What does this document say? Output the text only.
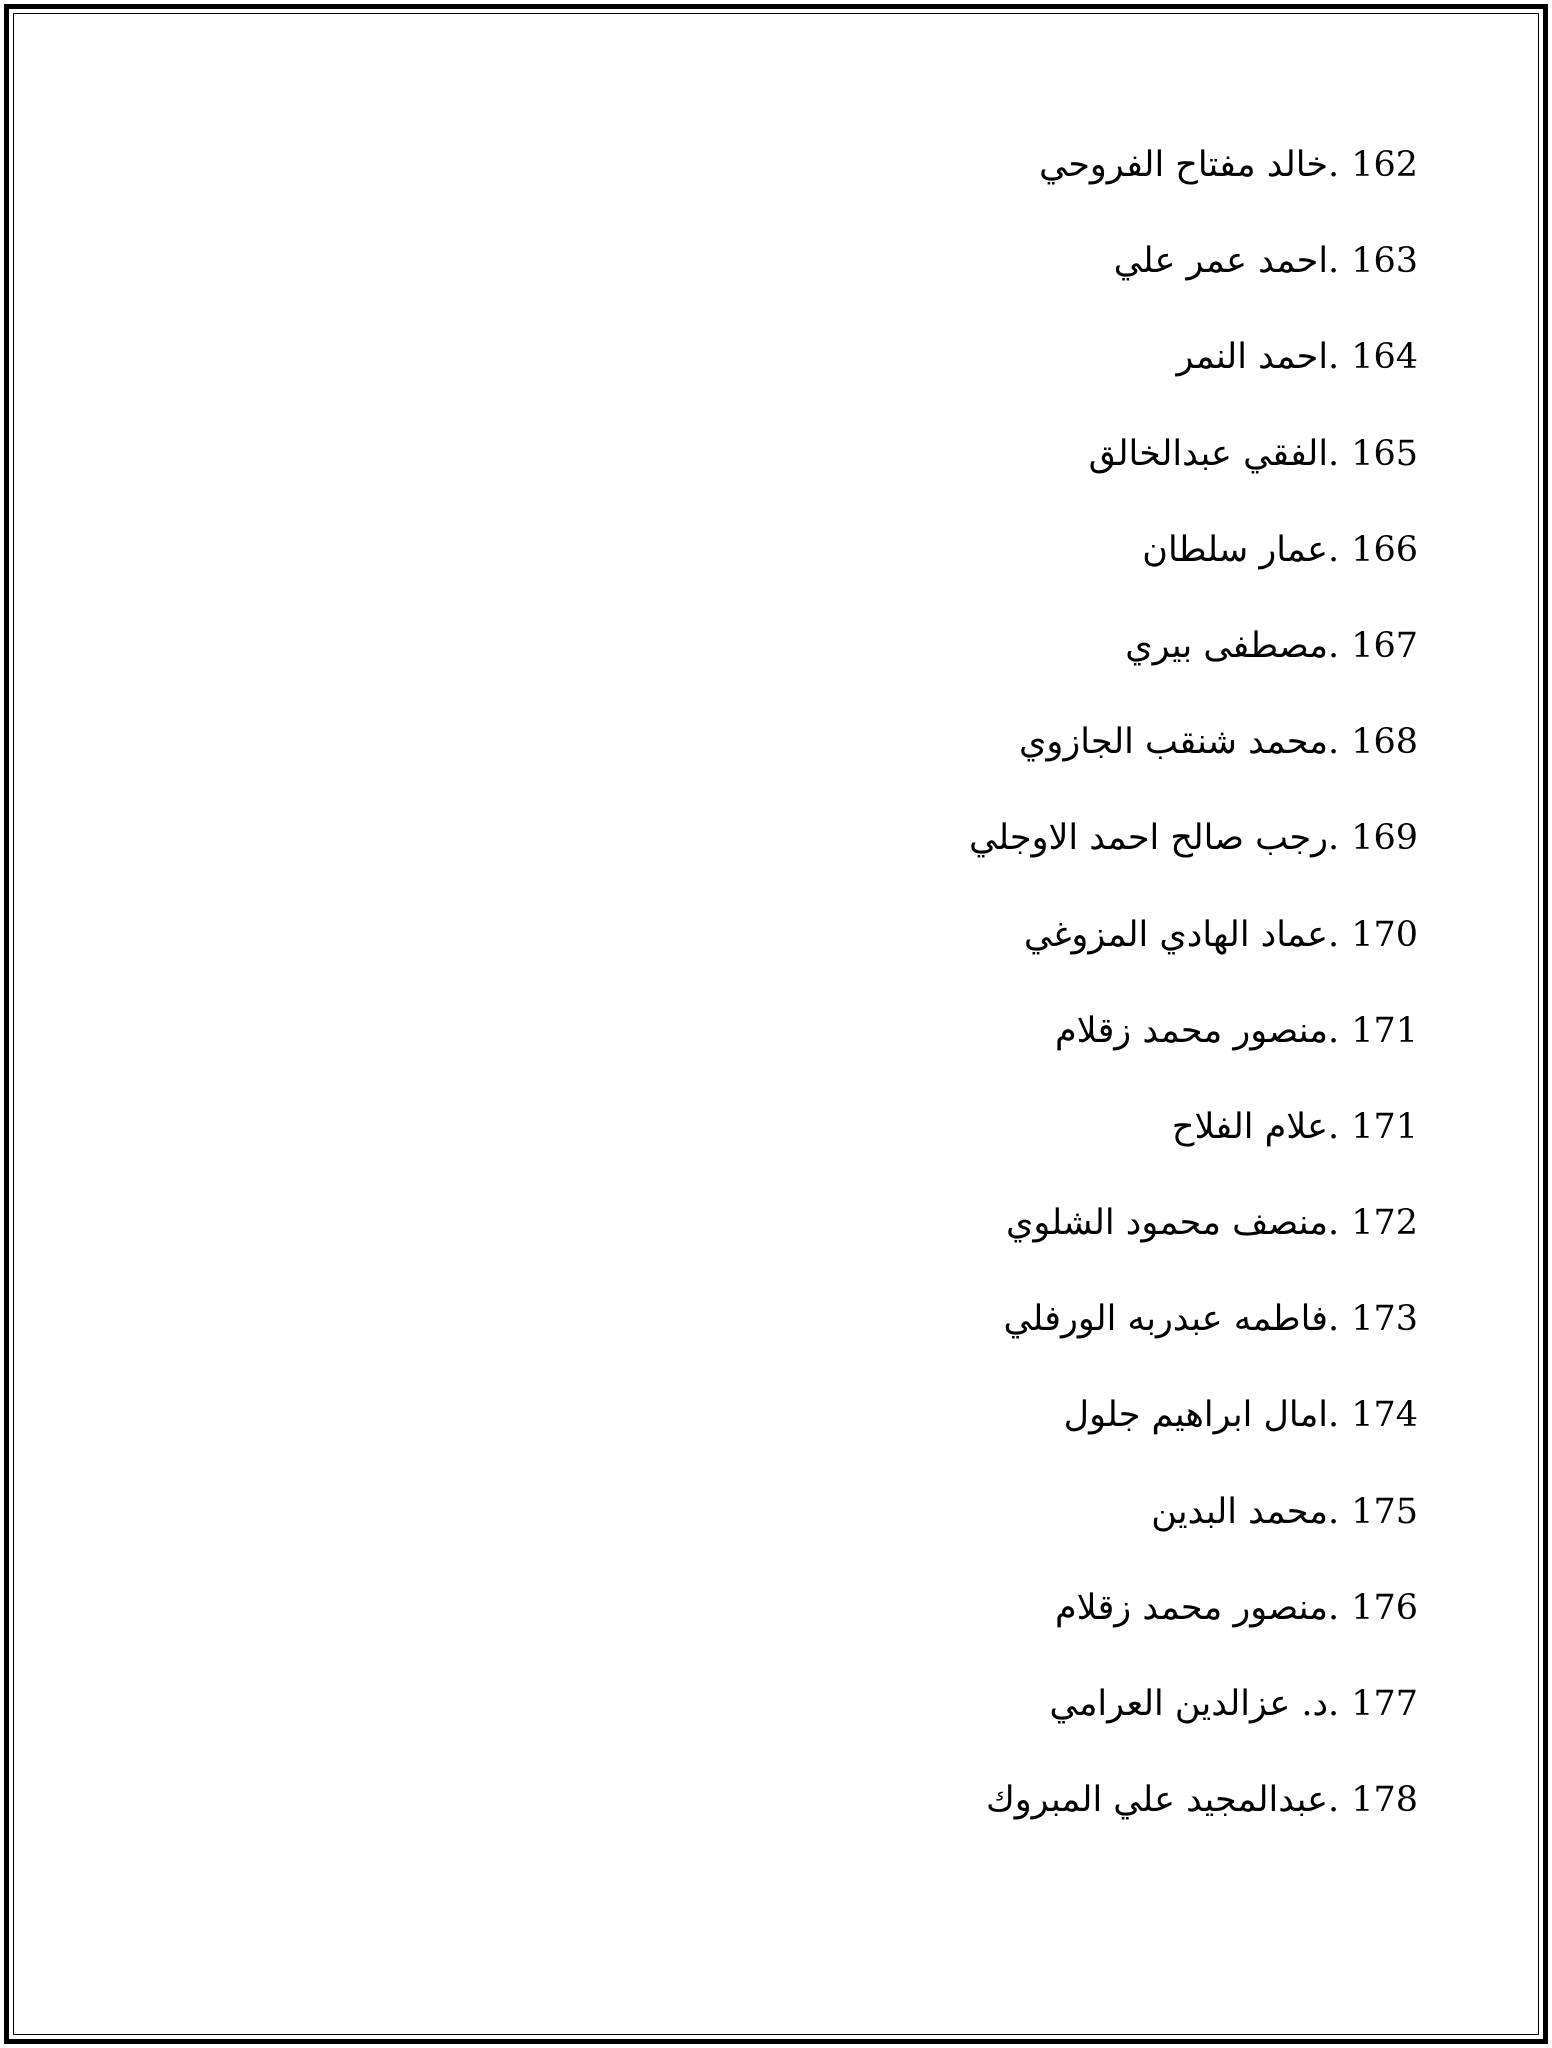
162
.
خالد مفتاح الفروحي
163
.
احمد عمر علي
164
.
احمد النمر
165
.
الفقي عبدالخالق
166
.
عمار سلطان
167
.
مصطفى بيري
168
.
محمد شنقب الجازوي
169
.
رجب صالح احمد الاوجلي
170
.
عماد الهادي المزوغي
171
.
منصور محمد زقلام
171
.
علام الفلاح
172
.
منصف محمود الشلوي
173
.
فاطمه عبدربه الورفلي
174
.
امال ابراهيم جلول
175
.
محمد البدين
176
.
منصور محمد زقلام
177
.
د. عزالدين العرامي
178
.
عبدالمجيد علي المبروك
